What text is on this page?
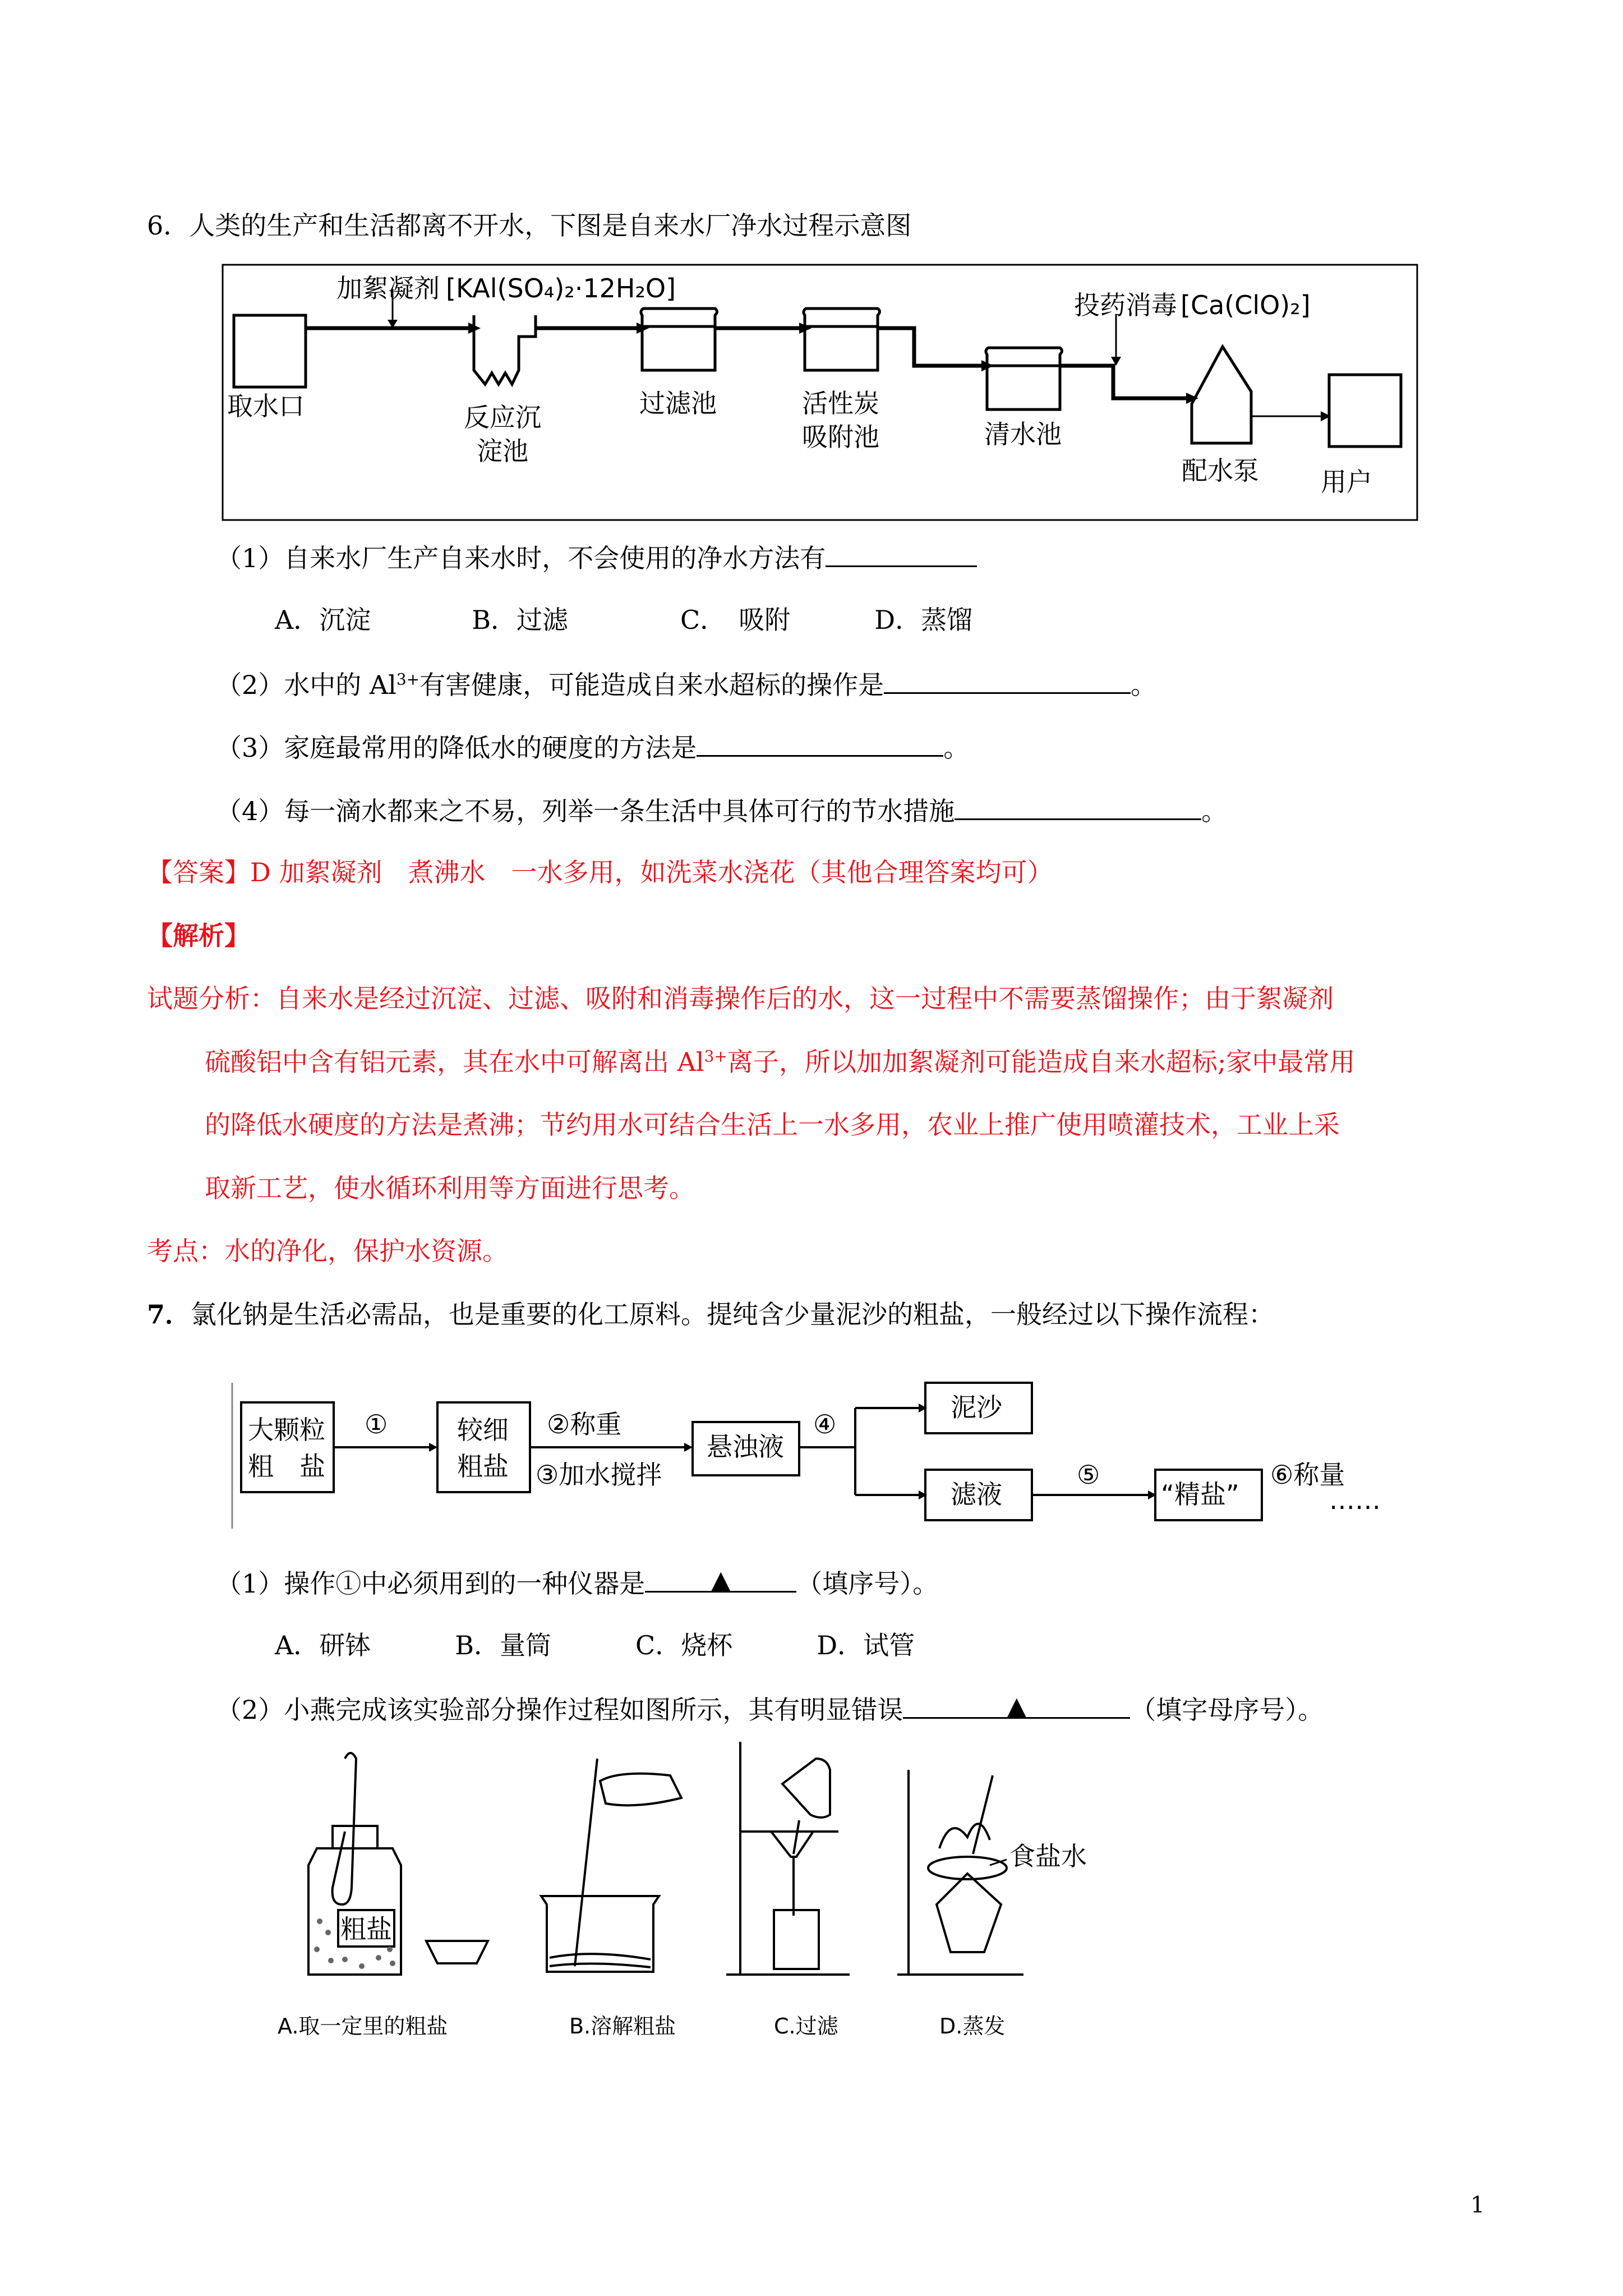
6．人类的生产和生活都离不开水，下图是自来水厂净水过程示意图
加絮凝剂 [KAl(SO₄)₂·12H₂O]
投药消毒 [Ca(ClO)₂]
取水口	反应沉
淀池
过滤池	活性炭
吸附池	清水池
配水泵 用户
（1）自来水厂生产自来水时，不会使用的净水方法有
A．沉淀	B．过滤	C．　吸附	D．蒸馏
（2）水中的 $Al^{3+}$有害健康，可能造成自来水超标的操作是	。
（3）家庭最常用的降低水的硬度的方法是	。
（4）每一滴水都来之不易，列举一条生活中具体可行的节水措施	。
【答案】D 加絮凝剂　煮沸水　一水多用，如洗菜水浇花（其他合理答案均可）
【解析】
试题分析：自来水是经过沉淀、过滤、吸附和消毒操作后的水，这一过程中不需要蒸馏操作；由于絮凝剂
硫酸铝中含有铝元素，其在水中可解离出 $Al^{3+}$离子，所以加加絮凝剂可能造成自来水超标;家中最常用
的降低水硬度的方法是煮沸；节约用水可结合生活上一水多用，农业上推广使用喷灌技术，工业上采
取新工艺，使水循环利用等方面进行思考。
考点：水的净化，保护水资源。
7．氯化钠是生活必需品，也是重要的化工原料。提纯含少量泥沙的粗盐，一般经过以下操作流程：
大颗粒
粗　盐
①	较细
粗盐
②称重
③加水搅拌
悬浊液
④
泥沙
滤液
⑤
“精盐”
⑥称量
……
（1）操作①中必须用到的一种仪器是	▲	（填序号）。
A．研钵	B．量筒	C．烧杯	D．试管
（2）小燕完成该实验部分操作过程如图所示，其有明显错误	▲	（填字母序号）。
粗盐
食盐水
A.取一定里的粗盐	B.溶解粗盐	C.过滤	D.蒸发
1
